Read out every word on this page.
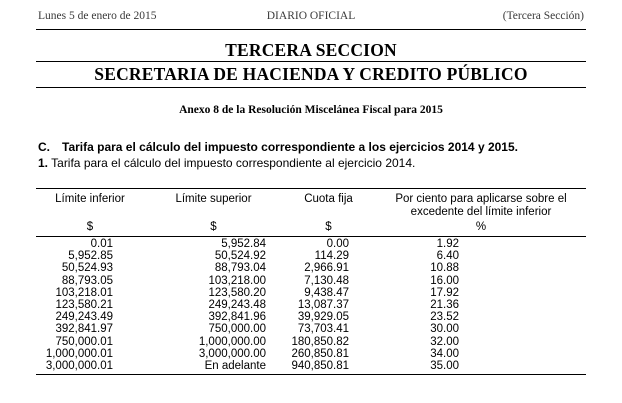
Lunes 5 de enero de 2015	DIARIO OFICIAL	(Tercera Sección)
TERCERA SECCION
SECRETARIA DE HACIENDA Y CREDITO PÚBLICO
Anexo 8 de la Resolución Miscelánea Fiscal para 2015
C. Tarifa para el cálculo del impuesto correspondiente a los ejercicios 2014 y 2015.
1. Tarifa para el cálculo del impuesto correspondiente al ejercicio 2014.
Límite inferior	Límite superior	Cuota fija	Por ciento para aplicarse sobre el excedente del límite inferior
$	$	$	%
0.01	5,952.84	0.00	1.92
5,952.85	50,524.92	114.29	6.40
50,524.93	88,793.04	2,966.91	10.88
88,793.05	103,218.00	7,130.48	16.00
103,218.01	123,580.20	9,438.47	17.92
123,580.21	249,243.48	13,087.37	21.36
249,243.49	392,841.96	39,929.05	23.52
392,841.97	750,000.00	73,703.41	30.00
750,000.01	1,000,000.00 180,850.82	32.00
1,000,000.01	3,000,000.00 260,850.81	34.00
3,000,000.01	En adelante 940,850.81	35.00
